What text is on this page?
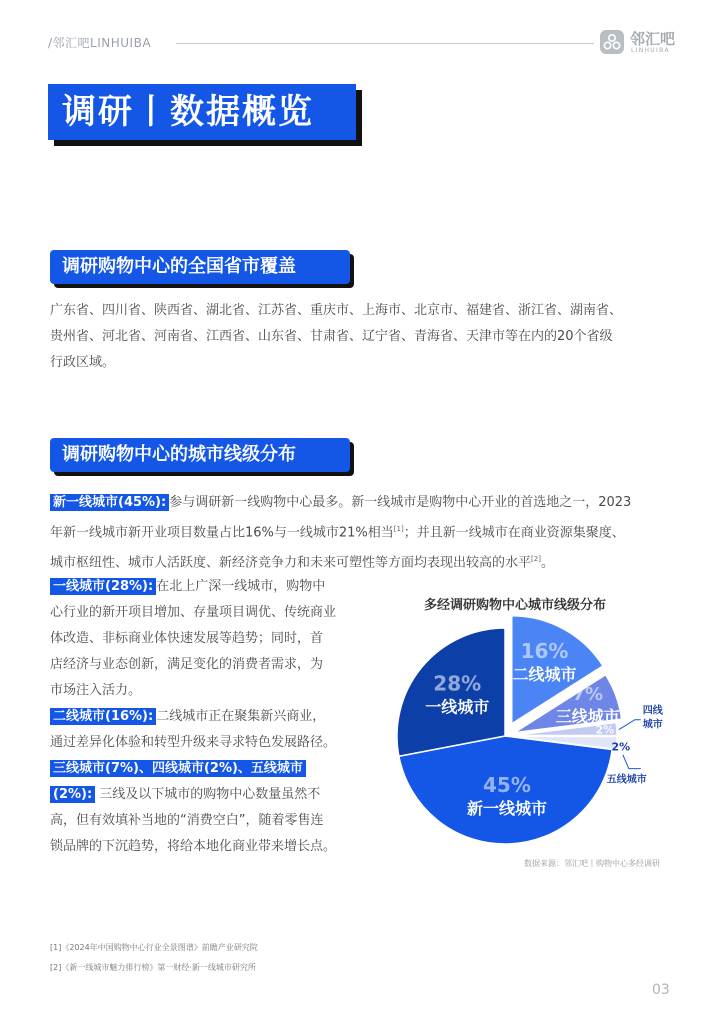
/邻汇吧LINHUIBA	邻汇吧
LINHUIBA
调研丨数据概览
调研购物中心的全国省市覆盖
广东省、四川省、陕西省、湖北省、江苏省、重庆市、上海市、北京市、福建省、浙江省、湖南省、
贵州省、河北省、河南省、江西省、山东省、甘肃省、辽宁省、青海省、天津市等在内的20个省级
行政区域。
调研购物中心的城市线级分布
新一线城市(45%): 参与调研新一线购物中心最多。新一线城市是购物中心开业的首选地之一，2023
年新一线城市新开业项目数量占比16%与一线城市21%相当[1]；并且新一线城市在商业资源集聚度、
城市枢纽性、城市人活跃度、新经济竞争力和未来可塑性等方面均表现出较高的水平[2]。
一线城市(28%): 在北上广深一线城市，购物中
心行业的新开项目增加、存量项目调优、传统商业
体改造、非标商业体快速发展等趋势；同时，首
店经济与业态创新，满足变化的消费者需求，为
市场注入活力。
二线城市(16%): 二线城市正在聚集新兴商业，
通过差异化体验和转型升级来寻求特色发展路径。
三线城市(7%)、四线城市(2%)、五线城市
(2%): 三线及以下城市的购物中心数量虽然不
高，但有效填补当地的“消费空白”，随着零售连
锁品牌的下沉趋势，将给本地化商业带来增长点。
多经调研购物中心城市线级分布
16%
二线城市
7%
三线城市
2%
四线
城市
2%
五线城市
45%
新一线城市
28%
一线城市
数据来源：邻汇吧丨购物中心多经调研
[1]《2024年中国购物中心行业全景图谱》前瞻产业研究院
[2]《新一线城市魅力排行榜》第一财经·新一线城市研究所
03
